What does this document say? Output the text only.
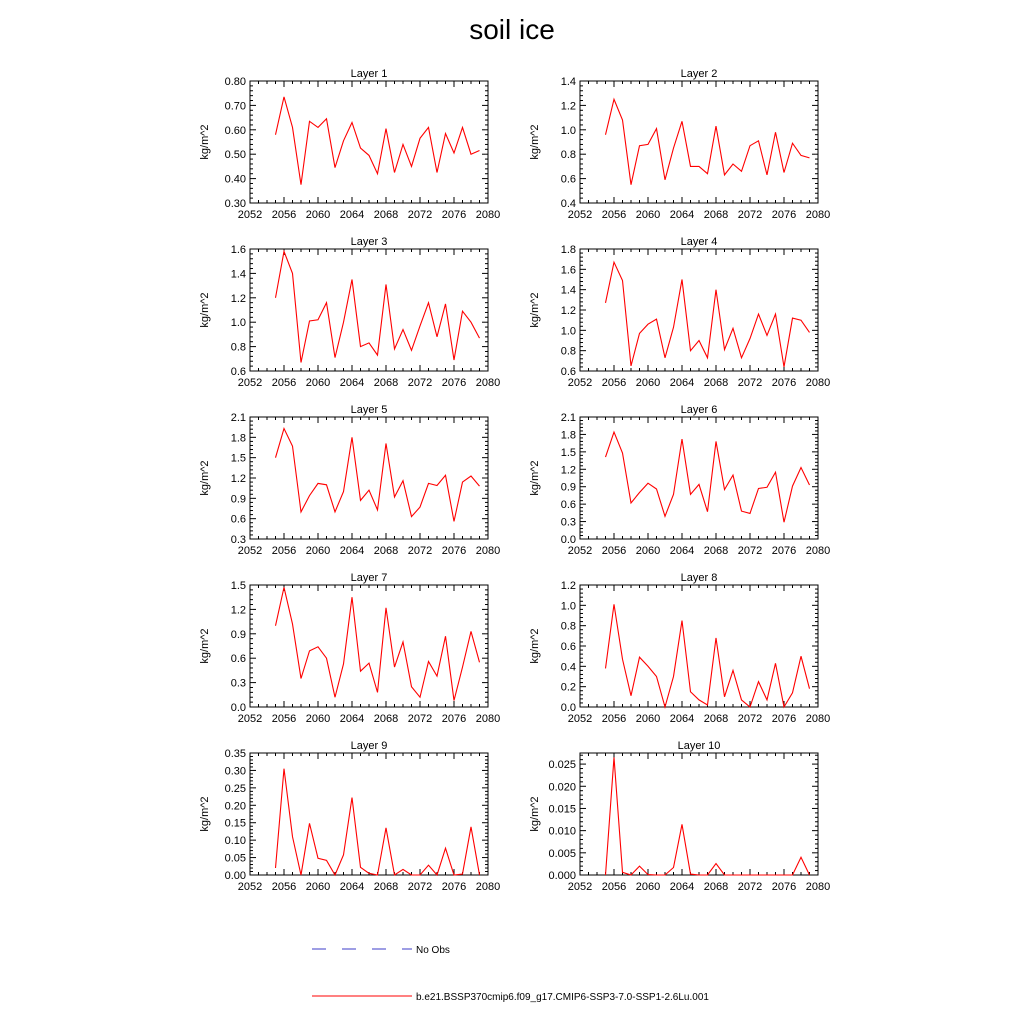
soil ice
Layer 1
kg/m^2
2052 2056 2060 2064 2068 2072 2076 2080
0.30
0.40
0.50
0.60
0.70
0.80
Layer 2
kg/m^2
2052 2056 2060 2064 2068 2072 2076 2080
0.4
0.6
0.8
1.0
1.2
1.4
Layer 3
kg/m^2
2052 2056 2060 2064 2068 2072 2076 2080
0.6
0.8
1.0
1.2
1.4
1.6
Layer 4
kg/m^2
2052 2056 2060 2064 2068 2072 2076 2080
0.6
0.8
1.0
1.2
1.4
1.6
1.8
Layer 5
kg/m^2
2052 2056 2060 2064 2068 2072 2076 2080
0.3
0.6
0.9
1.2
1.5
1.8
2.1
Layer 6
kg/m^2
2052 2056 2060 2064 2068 2072 2076 2080
0.0
0.3
0.6
0.9
1.2
1.5
1.8
2.1
Layer 7
kg/m^2
2052 2056 2060 2064 2068 2072 2076 2080
0.0
0.3
0.6
0.9
1.2
1.5
Layer 8
kg/m^2
2052 2056 2060 2064 2068 2072 2076 2080
0.0
0.2
0.4
0.6
0.8
1.0
1.2
Layer 9
kg/m^2
2052 2056 2060 2064 2068 2072 2076 2080
0.00
0.05
0.10
0.15
0.20
0.25
0.30
0.35
Layer 10
kg/m^2
2052 2056 2060 2064 2068 2072 2076 2080
0.000
0.005
0.010
0.015
0.020
0.025
No Obs
b.e21.BSSP370cmip6.f09_g17.CMIP6-SSP3-7.0-SSP1-2.6Lu.001
